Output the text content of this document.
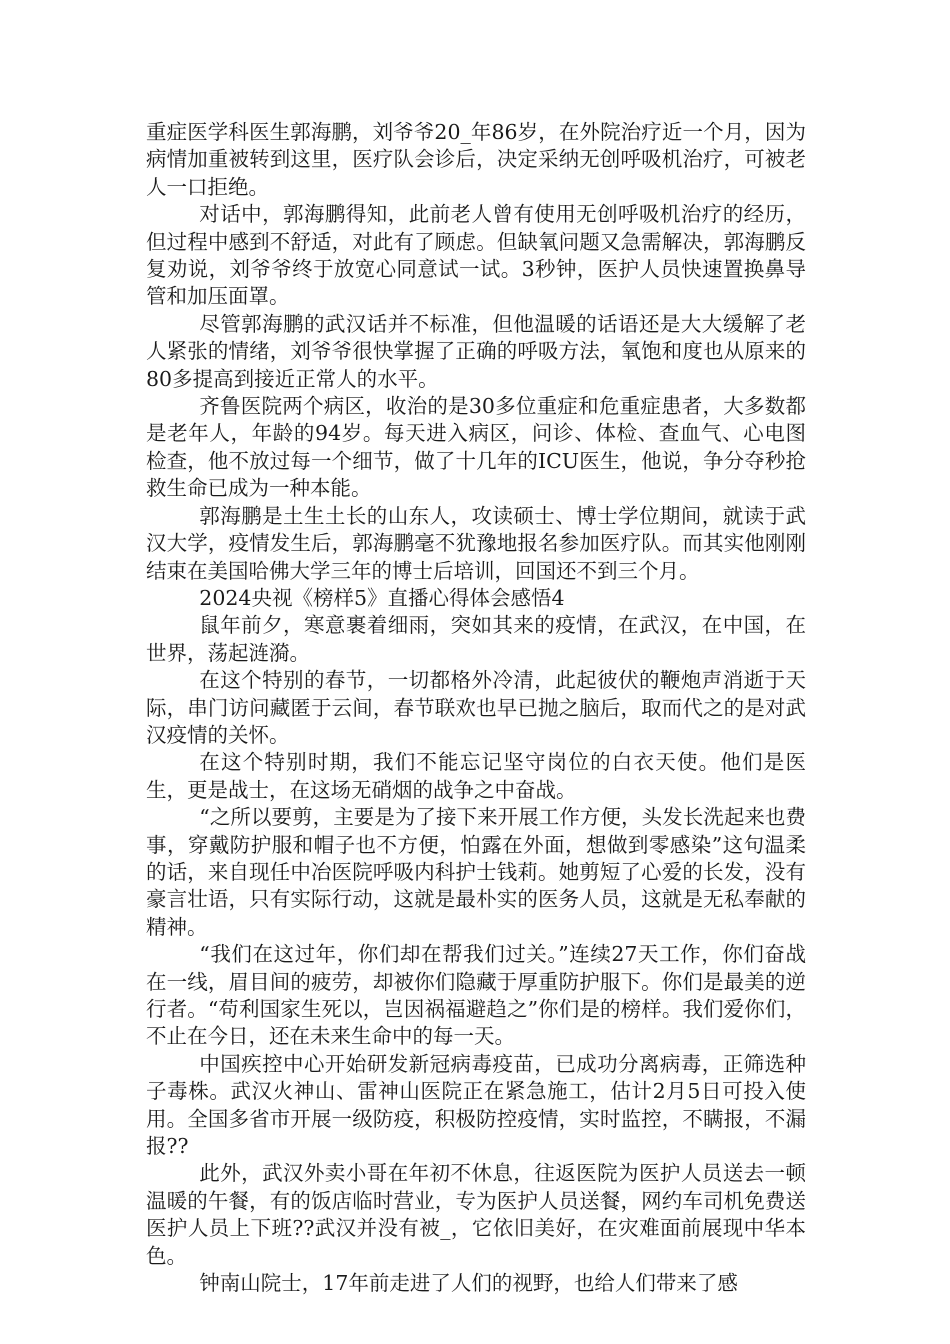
重症医学科医生郭海鹏，刘爷爷20_年86岁，在外院治疗近一个月，因为病情加重被转到这里，医疗队会诊后，决定采纳无创呼吸机治疗，可被老人一口拒绝。

对话中，郭海鹏得知，此前老人曾有使用无创呼吸机治疗的经历，但过程中感到不舒适，对此有了顾虑。但缺氧问题又急需解决，郭海鹏反复劝说，刘爷爷终于放宽心同意试一试。3秒钟，医护人员快速置换鼻导管和加压面罩。

尽管郭海鹏的武汉话并不标准，但他温暖的话语还是大大缓解了老人紧张的情绪，刘爷爷很快掌握了正确的呼吸方法，氧饱和度也从原来的80多提高到接近正常人的水平。

齐鲁医院两个病区，收治的是30多位重症和危重症患者，大多数都是老年人，年龄的94岁。每天进入病区，问诊、体检、查血气、心电图检查，他不放过每一个细节，做了十几年的ICU医生，他说，争分夺秒抢救生命已成为一种本能。

郭海鹏是土生土长的山东人，攻读硕士、博士学位期间，就读于武汉大学，疫情发生后，郭海鹏毫不犹豫地报名参加医疗队。而其实他刚刚结束在美国哈佛大学三年的博士后培训，回国还不到三个月。

2024央视《榜样5》直播心得体会感悟4

鼠年前夕，寒意裹着细雨，突如其来的疫情，在武汉，在中国，在世界，荡起涟漪。

在这个特别的春节，一切都格外冷清，此起彼伏的鞭炮声消逝于天际，串门访问藏匿于云间，春节联欢也早已抛之脑后，取而代之的是对武汉疫情的关怀。

在这个特别时期，我们不能忘记坚守岗位的白衣天使。他们是医生，更是战士，在这场无硝烟的战争之中奋战。

“之所以要剪，主要是为了接下来开展工作方便，头发长洗起来也费事，穿戴防护服和帽子也不方便，怕露在外面，想做到零感染”这句温柔的话，来自现任中冶医院呼吸内科护士钱莉。她剪短了心爱的长发，没有豪言壮语，只有实际行动，这就是最朴实的医务人员，这就是无私奉献的精神。

“我们在这过年，你们却在帮我们过关。”连续27天工作，你们奋战在一线，眉目间的疲劳，却被你们隐藏于厚重防护服下。你们是最美的逆行者。“苟利国家生死以，岂因祸福避趋之”你们是的榜样。我们爱你们，不止在今日，还在未来生命中的每一天。

中国疾控中心开始研发新冠病毒疫苗，已成功分离病毒，正筛选种子毒株。武汉火神山、雷神山医院正在紧急施工，估计2月5日可投入使用。全国多省市开展一级防疫，积极防控疫情，实时监控，不瞒报，不漏报??

此外，武汉外卖小哥在年初不休息，往返医院为医护人员送去一顿温暖的午餐，有的饭店临时营业，专为医护人员送餐，网约车司机免费送医护人员上下班??武汉并没有被_，它依旧美好，在灾难面前展现中华本色。

钟南山院士，17年前走进了人们的视野，也给人们带来了感
